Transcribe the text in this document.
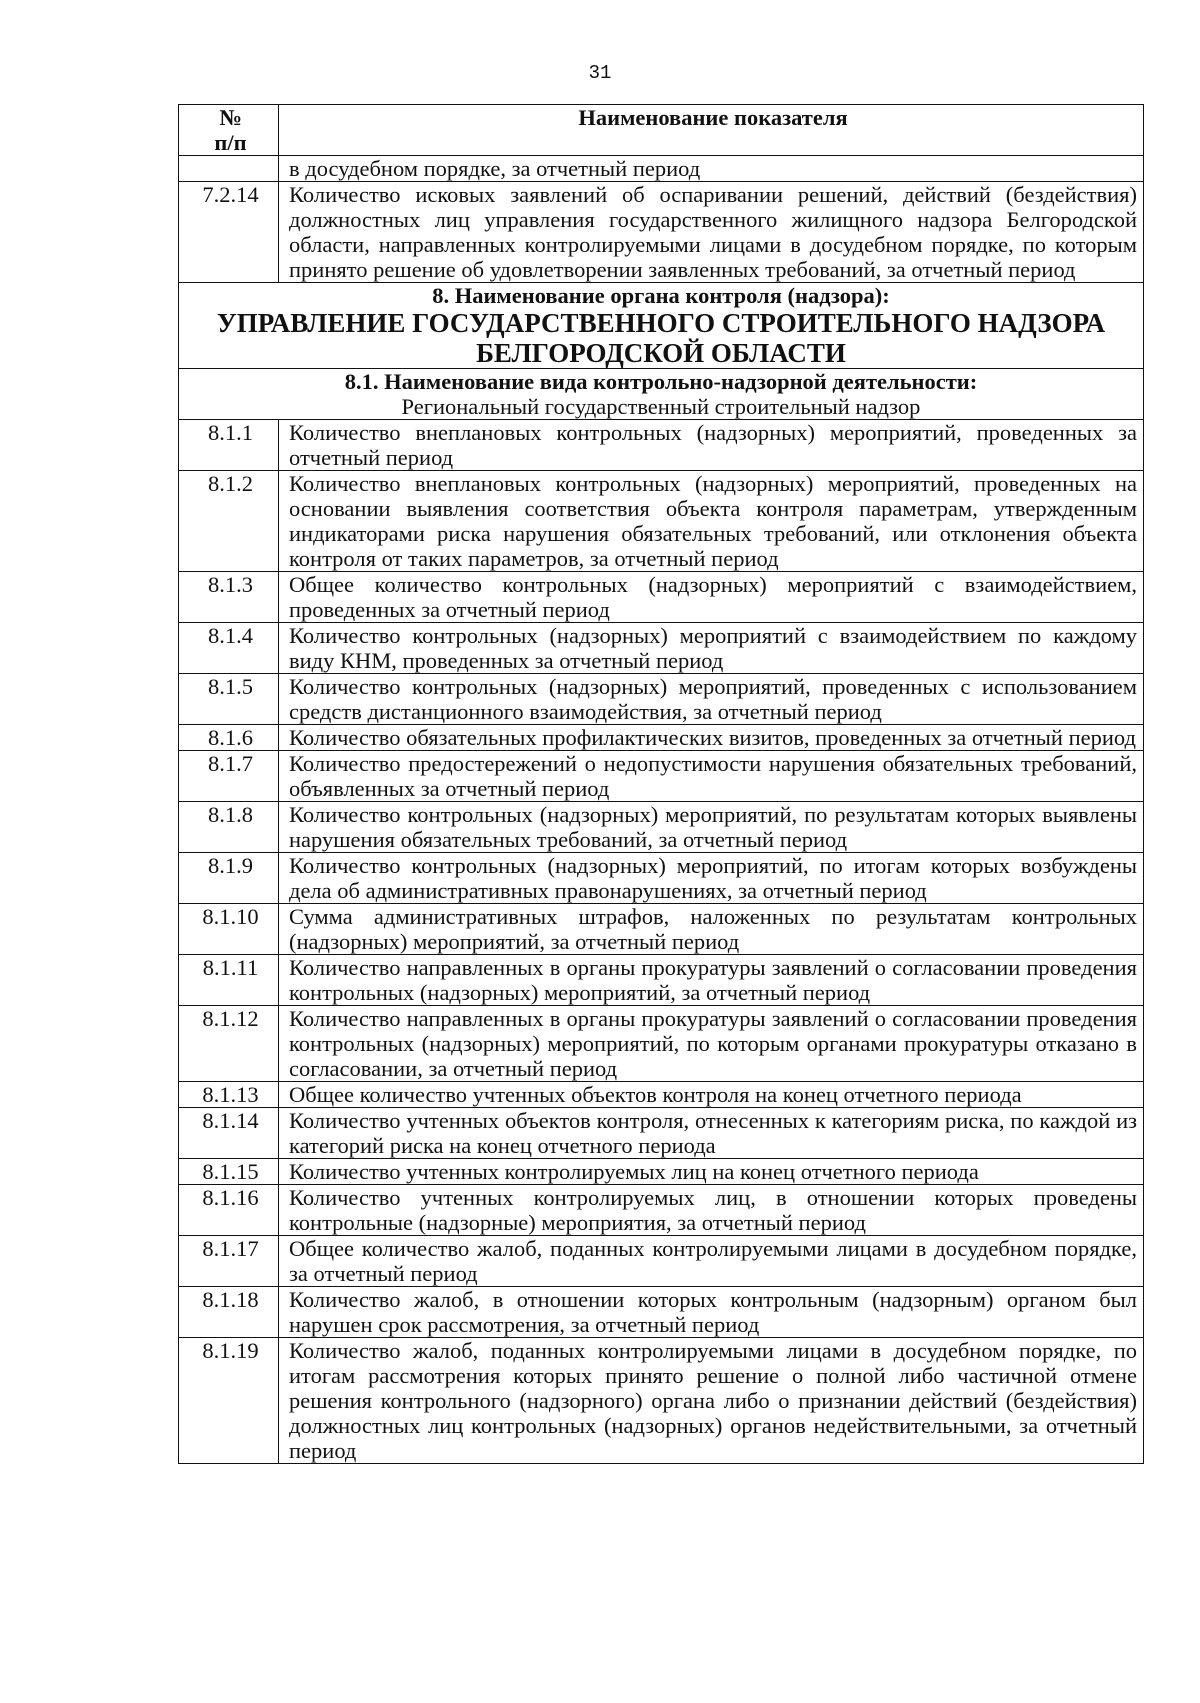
31
№
п/п	Наименование показателя
	в досудебном порядке, за отчетный период
7.2.14	Количество исковых заявлений об оспаривании решений, действий (бездействия) должностных лиц управления государственного жилищного надзора Белгородской области, направленных контролируемыми лицами в досудебном порядке, по которым принято решение об удовлетворении заявленных требований, за отчетный период

8. Наименование органа контроля (надзора):
УПРАВЛЕНИЕ ГОСУДАРСТВЕННОГО СТРОИТЕЛЬНОГО НАДЗОРА БЕЛГОРОДСКОЙ ОБЛАСТИ	

8.1. Наименование вида контрольно-надзорной деятельности:
Региональный государственный строительный надзор	

8.1.1	Количество внеплановых контрольных (надзорных) мероприятий, проведенных за отчетный период
8.1.2	Количество внеплановых контрольных (надзорных) мероприятий, проведенных на основании выявления соответствия объекта контроля параметрам, утвержденным индикаторами риска нарушения обязательных требований, или отклонения объекта контроля от таких параметров, за отчетный период
8.1.3	Общее количество контрольных (надзорных) мероприятий с взаимодействием, проведенных за отчетный период
8.1.4	Количество контрольных (надзорных) мероприятий с взаимодействием по каждому виду КНМ, проведенных за отчетный период
8.1.5	Количество контрольных (надзорных) мероприятий, проведенных с использованием средств дистанционного взаимодействия, за отчетный период
8.1.6	Количество обязательных профилактических визитов, проведенных за отчетный период
8.1.7	Количество предостережений о недопустимости нарушения обязательных требований, объявленных за отчетный период
8.1.8	Количество контрольных (надзорных) мероприятий, по результатам которых выявлены нарушения обязательных требований, за отчетный период
8.1.9	Количество контрольных (надзорных) мероприятий, по итогам которых возбуждены дела об административных правонарушениях, за отчетный период
8.1.10	Сумма административных штрафов, наложенных по результатам контрольных (надзорных) мероприятий, за отчетный период
8.1.11	Количество направленных в органы прокуратуры заявлений о согласовании проведения контрольных (надзорных) мероприятий, за отчетный период
8.1.12	Количество направленных в органы прокуратуры заявлений о согласовании проведения контрольных (надзорных) мероприятий, по которым органами прокуратуры отказано в согласовании, за отчетный период
8.1.13	Общее количество учтенных объектов контроля на конец отчетного периода
8.1.14	Количество учтенных объектов контроля, отнесенных к категориям риска, по каждой из категорий риска на конец отчетного периода
8.1.15	Количество учтенных контролируемых лиц на конец отчетного периода
8.1.16	Количество учтенных контролируемых лиц, в отношении которых проведены контрольные (надзорные) мероприятия, за отчетный период
8.1.17	Общее количество жалоб, поданных контролируемыми лицами в досудебном порядке, за отчетный период
8.1.18	Количество жалоб, в отношении которых контрольным (надзорным) органом был нарушен срок рассмотрения, за отчетный период
8.1.19	Количество жалоб, поданных контролируемыми лицами в досудебном порядке, по итогам рассмотрения которых принято решение о полной либо частичной отмене решения контрольного (надзорного) органа либо о признании действий (бездействия) должностных лиц контрольных (надзорных) органов недействительными, за отчетный период
